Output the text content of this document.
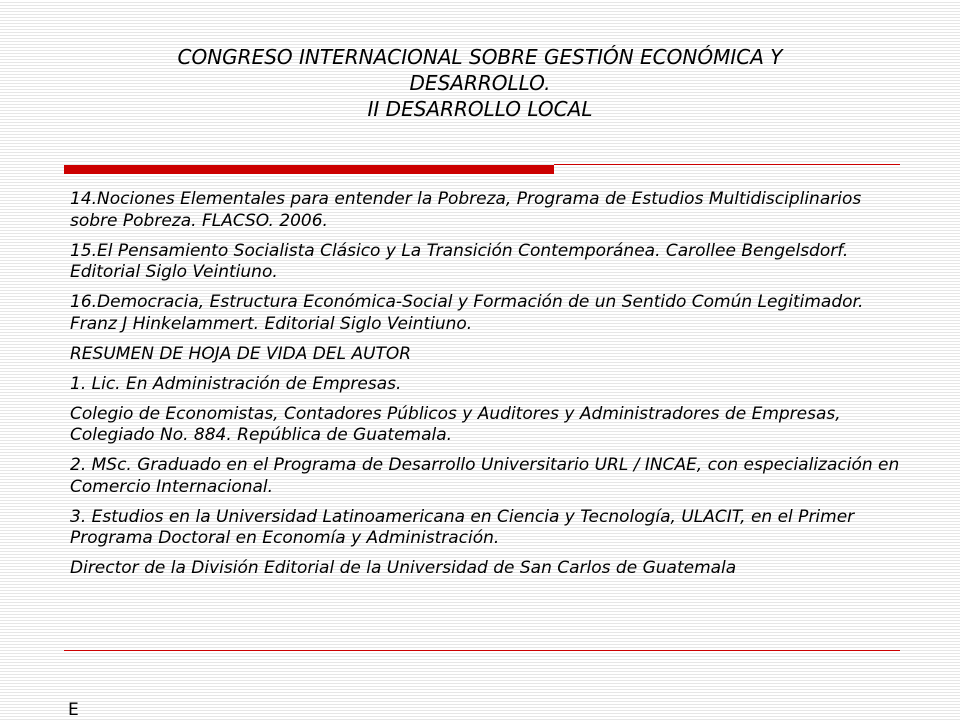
CONGRESO INTERNACIONAL SOBRE GESTIÓN ECONÓMICA Y
DESARROLLO.
II DESARROLLO LOCAL

14.Nociones Elementales para entender la Pobreza, Programa de Estudios Multidisciplinarios sobre Pobreza. FLACSO. 2006.

15.El Pensamiento Socialista Clásico y La Transición Contemporánea. Carollee Bengelsdorf. Editorial Siglo Veintiuno.

16.Democracia, Estructura Económica-Social y Formación de un Sentido Común Legitimador. Franz J Hinkelammert. Editorial Siglo Veintiuno.

RESUMEN DE HOJA DE VIDA DEL AUTOR

1. Lic. En Administración de Empresas.

Colegio de Economistas, Contadores Públicos y Auditores y Administradores de Empresas, Colegiado No. 884. República de Guatemala.

2. MSc. Graduado en el Programa de Desarrollo Universitario URL / INCAE, con especialización en Comercio Internacional.

3. Estudios en la Universidad Latinoamericana en Ciencia y Tecnología, ULACIT, en el Primer Programa Doctoral en Economía y Administración.

Director de la División Editorial de la Universidad de San Carlos de Guatemala

E
